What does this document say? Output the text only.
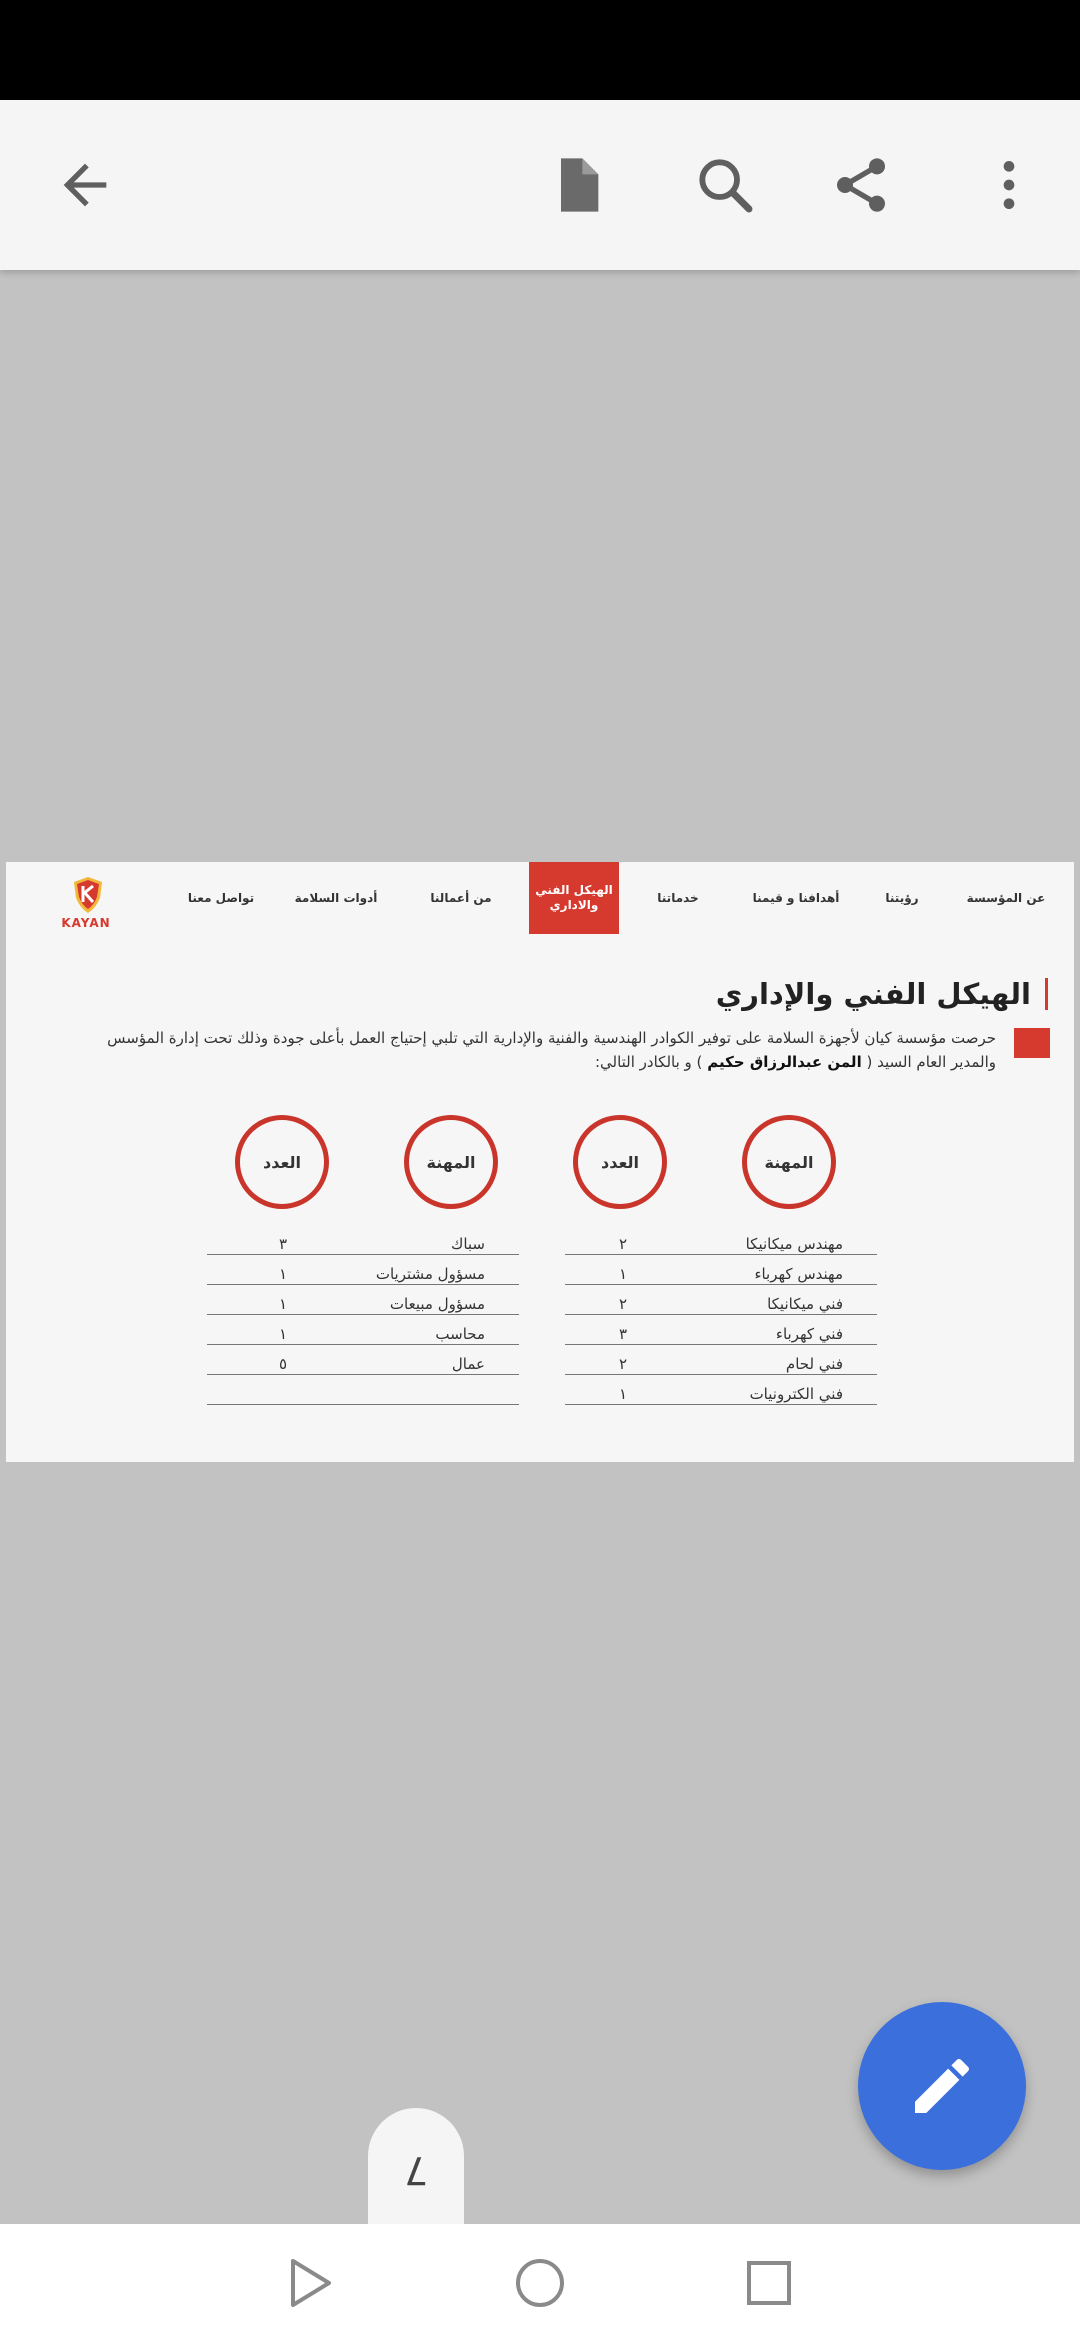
عن المؤسسة
رؤيتنا
أهدافنا و قيمنا
خدماتنا
الهيكل الفني والاداري
من أعمالنا
أدوات السلامة
تواصل معنا
KAYAN
الهيكل الفني والإداري
حرصت مؤسسة كيان لأجهزة السلامة على توفير الكوادر الهندسية والفنية والإدارية التي تلبي إحتياج العمل بأعلى جودة وذلك تحت إدارة المؤسس والمدير العام السيد ( المن عبدالرزاق حكيم ) و بالكادر التالي:
المهنة
العدد
المهنة
العدد
مهندس ميكانيكا
٢
مهندس كهرباء
١
فني ميكانيكا
٢
فني كهرباء
٣
فني لحام
٢
فني الكترونيات
١
سباك
٣
مسؤول مشتريات
١
مسؤول مبيعات
١
محاسب
١
عمال
٥
7
